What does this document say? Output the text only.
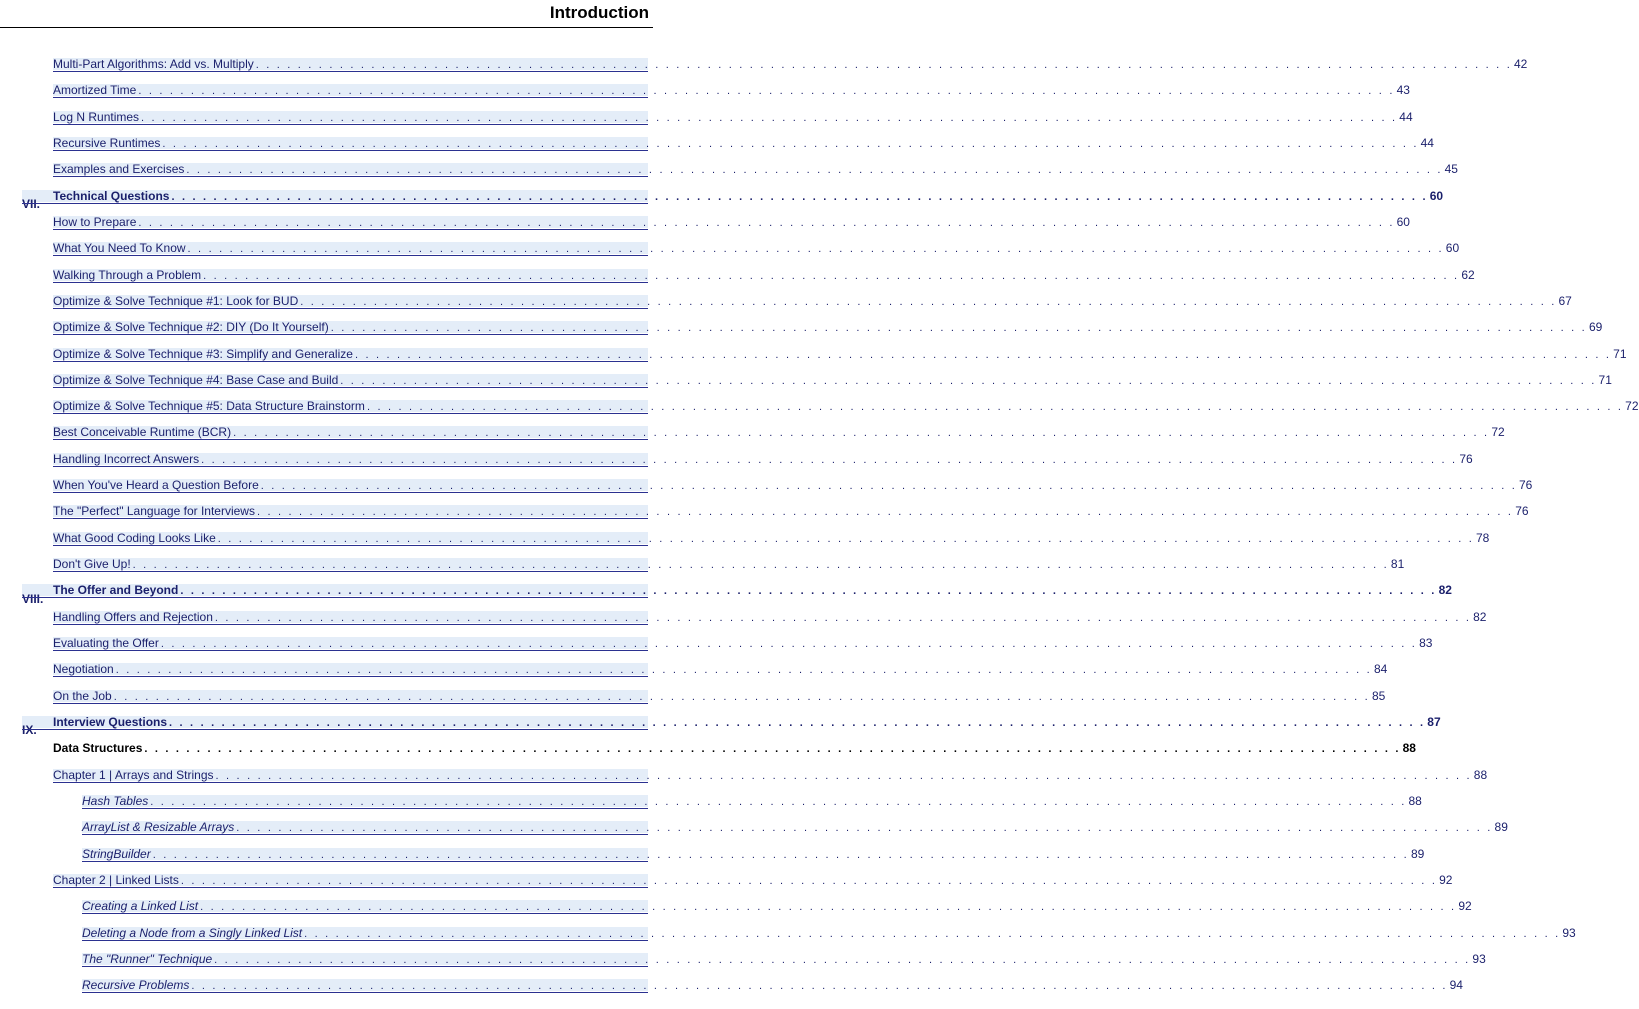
Introduction
Multi-Part Algorithms: Add vs. Multiply . . . . . . . . . . . . . . . . . . . . . . . . . . . . . . . . . . . . . . . . . . . . . . . . . . . . . . . . . . . . . . . . . . . . . . . . . . . . . . . . . . . . . . . . . . . . . . . . . . . . . . . . . . . . . . . . . . . . . . . . 42
Amortized Time . . . . . . . . . . . . . . . . . . . . . . . . . . . . . . . . . . . . . . . . . . . . . . . . . . . . . . . . . . . . . . . . . . . . . . . . . . . . . . . . . . . . . . . . . . . . . . . . . . . . . . . . . . . . . . . . . . . . . . . . 43
Log N Runtimes . . . . . . . . . . . . . . . . . . . . . . . . . . . . . . . . . . . . . . . . . . . . . . . . . . . . . . . . . . . . . . . . . . . . . . . . . . . . . . . . . . . . . . . . . . . . . . . . . . . . . . . . . . . . . . . . . . . . . . . . 44
Recursive Runtimes . . . . . . . . . . . . . . . . . . . . . . . . . . . . . . . . . . . . . . . . . . . . . . . . . . . . . . . . . . . . . . . . . . . . . . . . . . . . . . . . . . . . . . . . . . . . . . . . . . . . . . . . . . . . . . . . . . . . . . . . 44
Examples and Exercises . . . . . . . . . . . . . . . . . . . . . . . . . . . . . . . . . . . . . . . . . . . . . . . . . . . . . . . . . . . . . . . . . . . . . . . . . . . . . . . . . . . . . . . . . . . . . . . . . . . . . . . . . . . . . . . . . . . . . . . . 45
VII.
Technical Questions . . . . . . . . . . . . . . . . . . . . . . . . . . . . . . . . . . . . . . . . . . . . . . . . . . . . . . . . . . . . . . . . . . . . . . . . . . . . . . . . . . . . . . . . . . . . . . . . . . . . . . . . . . . . . . . . . . . . . . . . 60
How to Prepare . . . . . . . . . . . . . . . . . . . . . . . . . . . . . . . . . . . . . . . . . . . . . . . . . . . . . . . . . . . . . . . . . . . . . . . . . . . . . . . . . . . . . . . . . . . . . . . . . . . . . . . . . . . . . . . . . . . . . . . . 60
What You Need To Know . . . . . . . . . . . . . . . . . . . . . . . . . . . . . . . . . . . . . . . . . . . . . . . . . . . . . . . . . . . . . . . . . . . . . . . . . . . . . . . . . . . . . . . . . . . . . . . . . . . . . . . . . . . . . . . . . . . . . . . . 60
Walking Through a Problem . . . . . . . . . . . . . . . . . . . . . . . . . . . . . . . . . . . . . . . . . . . . . . . . . . . . . . . . . . . . . . . . . . . . . . . . . . . . . . . . . . . . . . . . . . . . . . . . . . . . . . . . . . . . . . . . . . . . . . . . 62
Optimize & Solve Technique #1: Look for BUD . . . . . . . . . . . . . . . . . . . . . . . . . . . . . . . . . . . . . . . . . . . . . . . . . . . . . . . . . . . . . . . . . . . . . . . . . . . . . . . . . . . . . . . . . . . . . . . . . . . . . . . . . . . . . . . . . . . . . . . . 67
Optimize & Solve Technique #2: DIY (Do It Yourself) . . . . . . . . . . . . . . . . . . . . . . . . . . . . . . . . . . . . . . . . . . . . . . . . . . . . . . . . . . . . . . . . . . . . . . . . . . . . . . . . . . . . . . . . . . . . . . . . . . . . . . . . . . . . . . . . . . . . . . . . 69
Optimize & Solve Technique #3: Simplify and Generalize . . . . . . . . . . . . . . . . . . . . . . . . . . . . . . . . . . . . . . . . . . . . . . . . . . . . . . . . . . . . . . . . . . . . . . . . . . . . . . . . . . . . . . . . . . . . . . . . . . . . . . . . . . . . . . . . . . . . . . . . 71
Optimize & Solve Technique #4: Base Case and Build . . . . . . . . . . . . . . . . . . . . . . . . . . . . . . . . . . . . . . . . . . . . . . . . . . . . . . . . . . . . . . . . . . . . . . . . . . . . . . . . . . . . . . . . . . . . . . . . . . . . . . . . . . . . . . . . . . . . . . . . 71
Optimize & Solve Technique #5: Data Structure Brainstorm . . . . . . . . . . . . . . . . . . . . . . . . . . . . . . . . . . . . . . . . . . . . . . . . . . . . . . . . . . . . . . . . . . . . . . . . . . . . . . . . . . . . . . . . . . . . . . . . . . . . . . . . . . . . . . . . . . . . . . . . 72
Best Conceivable Runtime (BCR) . . . . . . . . . . . . . . . . . . . . . . . . . . . . . . . . . . . . . . . . . . . . . . . . . . . . . . . . . . . . . . . . . . . . . . . . . . . . . . . . . . . . . . . . . . . . . . . . . . . . . . . . . . . . . . . . . . . . . . . . 72
Handling Incorrect Answers . . . . . . . . . . . . . . . . . . . . . . . . . . . . . . . . . . . . . . . . . . . . . . . . . . . . . . . . . . . . . . . . . . . . . . . . . . . . . . . . . . . . . . . . . . . . . . . . . . . . . . . . . . . . . . . . . . . . . . . . 76
When You've Heard a Question Before . . . . . . . . . . . . . . . . . . . . . . . . . . . . . . . . . . . . . . . . . . . . . . . . . . . . . . . . . . . . . . . . . . . . . . . . . . . . . . . . . . . . . . . . . . . . . . . . . . . . . . . . . . . . . . . . . . . . . . . . 76
The "Perfect" Language for Interviews . . . . . . . . . . . . . . . . . . . . . . . . . . . . . . . . . . . . . . . . . . . . . . . . . . . . . . . . . . . . . . . . . . . . . . . . . . . . . . . . . . . . . . . . . . . . . . . . . . . . . . . . . . . . . . . . . . . . . . . . 76
What Good Coding Looks Like . . . . . . . . . . . . . . . . . . . . . . . . . . . . . . . . . . . . . . . . . . . . . . . . . . . . . . . . . . . . . . . . . . . . . . . . . . . . . . . . . . . . . . . . . . . . . . . . . . . . . . . . . . . . . . . . . . . . . . . . 78
Don't Give Up! . . . . . . . . . . . . . . . . . . . . . . . . . . . . . . . . . . . . . . . . . . . . . . . . . . . . . . . . . . . . . . . . . . . . . . . . . . . . . . . . . . . . . . . . . . . . . . . . . . . . . . . . . . . . . . . . . . . . . . . . 81
VIII.
The Offer and Beyond . . . . . . . . . . . . . . . . . . . . . . . . . . . . . . . . . . . . . . . . . . . . . . . . . . . . . . . . . . . . . . . . . . . . . . . . . . . . . . . . . . . . . . . . . . . . . . . . . . . . . . . . . . . . . . . . . . . . . . . . 82
Handling Offers and Rejection . . . . . . . . . . . . . . . . . . . . . . . . . . . . . . . . . . . . . . . . . . . . . . . . . . . . . . . . . . . . . . . . . . . . . . . . . . . . . . . . . . . . . . . . . . . . . . . . . . . . . . . . . . . . . . . . . . . . . . . . 82
Evaluating the Offer . . . . . . . . . . . . . . . . . . . . . . . . . . . . . . . . . . . . . . . . . . . . . . . . . . . . . . . . . . . . . . . . . . . . . . . . . . . . . . . . . . . . . . . . . . . . . . . . . . . . . . . . . . . . . . . . . . . . . . . . 83
Negotiation . . . . . . . . . . . . . . . . . . . . . . . . . . . . . . . . . . . . . . . . . . . . . . . . . . . . . . . . . . . . . . . . . . . . . . . . . . . . . . . . . . . . . . . . . . . . . . . . . . . . . . . . . . . . . . . . . . . . . . . . 84
On the Job . . . . . . . . . . . . . . . . . . . . . . . . . . . . . . . . . . . . . . . . . . . . . . . . . . . . . . . . . . . . . . . . . . . . . . . . . . . . . . . . . . . . . . . . . . . . . . . . . . . . . . . . . . . . . . . . . . . . . . . . 85
IX.
Interview Questions . . . . . . . . . . . . . . . . . . . . . . . . . . . . . . . . . . . . . . . . . . . . . . . . . . . . . . . . . . . . . . . . . . . . . . . . . . . . . . . . . . . . . . . . . . . . . . . . . . . . . . . . . . . . . . . . . . . . . . . . 87
Data Structures . . . . . . . . . . . . . . . . . . . . . . . . . . . . . . . . . . . . . . . . . . . . . . . . . . . . . . . . . . . . . . . . . . . . . . . . . . . . . . . . . . . . . . . . . . . . . . . . . . . . . . . . . . . . . . . . . . . . . . . . 88
Chapter 1 | Arrays and Strings . . . . . . . . . . . . . . . . . . . . . . . . . . . . . . . . . . . . . . . . . . . . . . . . . . . . . . . . . . . . . . . . . . . . . . . . . . . . . . . . . . . . . . . . . . . . . . . . . . . . . . . . . . . . . . . . . . . . . . . . 88
Hash Tables . . . . . . . . . . . . . . . . . . . . . . . . . . . . . . . . . . . . . . . . . . . . . . . . . . . . . . . . . . . . . . . . . . . . . . . . . . . . . . . . . . . . . . . . . . . . . . . . . . . . . . . . . . . . . . . . . . . . . . . . 88
ArrayList & Resizable Arrays . . . . . . . . . . . . . . . . . . . . . . . . . . . . . . . . . . . . . . . . . . . . . . . . . . . . . . . . . . . . . . . . . . . . . . . . . . . . . . . . . . . . . . . . . . . . . . . . . . . . . . . . . . . . . . . . . . . . . . . . 89
StringBuilder . . . . . . . . . . . . . . . . . . . . . . . . . . . . . . . . . . . . . . . . . . . . . . . . . . . . . . . . . . . . . . . . . . . . . . . . . . . . . . . . . . . . . . . . . . . . . . . . . . . . . . . . . . . . . . . . . . . . . . . . 89
Chapter 2 | Linked Lists . . . . . . . . . . . . . . . . . . . . . . . . . . . . . . . . . . . . . . . . . . . . . . . . . . . . . . . . . . . . . . . . . . . . . . . . . . . . . . . . . . . . . . . . . . . . . . . . . . . . . . . . . . . . . . . . . . . . . . . . 92
Creating a Linked List . . . . . . . . . . . . . . . . . . . . . . . . . . . . . . . . . . . . . . . . . . . . . . . . . . . . . . . . . . . . . . . . . . . . . . . . . . . . . . . . . . . . . . . . . . . . . . . . . . . . . . . . . . . . . . . . . . . . . . . . 92
Deleting a Node from a Singly Linked List . . . . . . . . . . . . . . . . . . . . . . . . . . . . . . . . . . . . . . . . . . . . . . . . . . . . . . . . . . . . . . . . . . . . . . . . . . . . . . . . . . . . . . . . . . . . . . . . . . . . . . . . . . . . . . . . . . . . . . . . 93
The "Runner" Technique . . . . . . . . . . . . . . . . . . . . . . . . . . . . . . . . . . . . . . . . . . . . . . . . . . . . . . . . . . . . . . . . . . . . . . . . . . . . . . . . . . . . . . . . . . . . . . . . . . . . . . . . . . . . . . . . . . . . . . . . 93
Recursive Problems . . . . . . . . . . . . . . . . . . . . . . . . . . . . . . . . . . . . . . . . . . . . . . . . . . . . . . . . . . . . . . . . . . . . . . . . . . . . . . . . . . . . . . . . . . . . . . . . . . . . . . . . . . . . . . . . . . . . . . . . 94
